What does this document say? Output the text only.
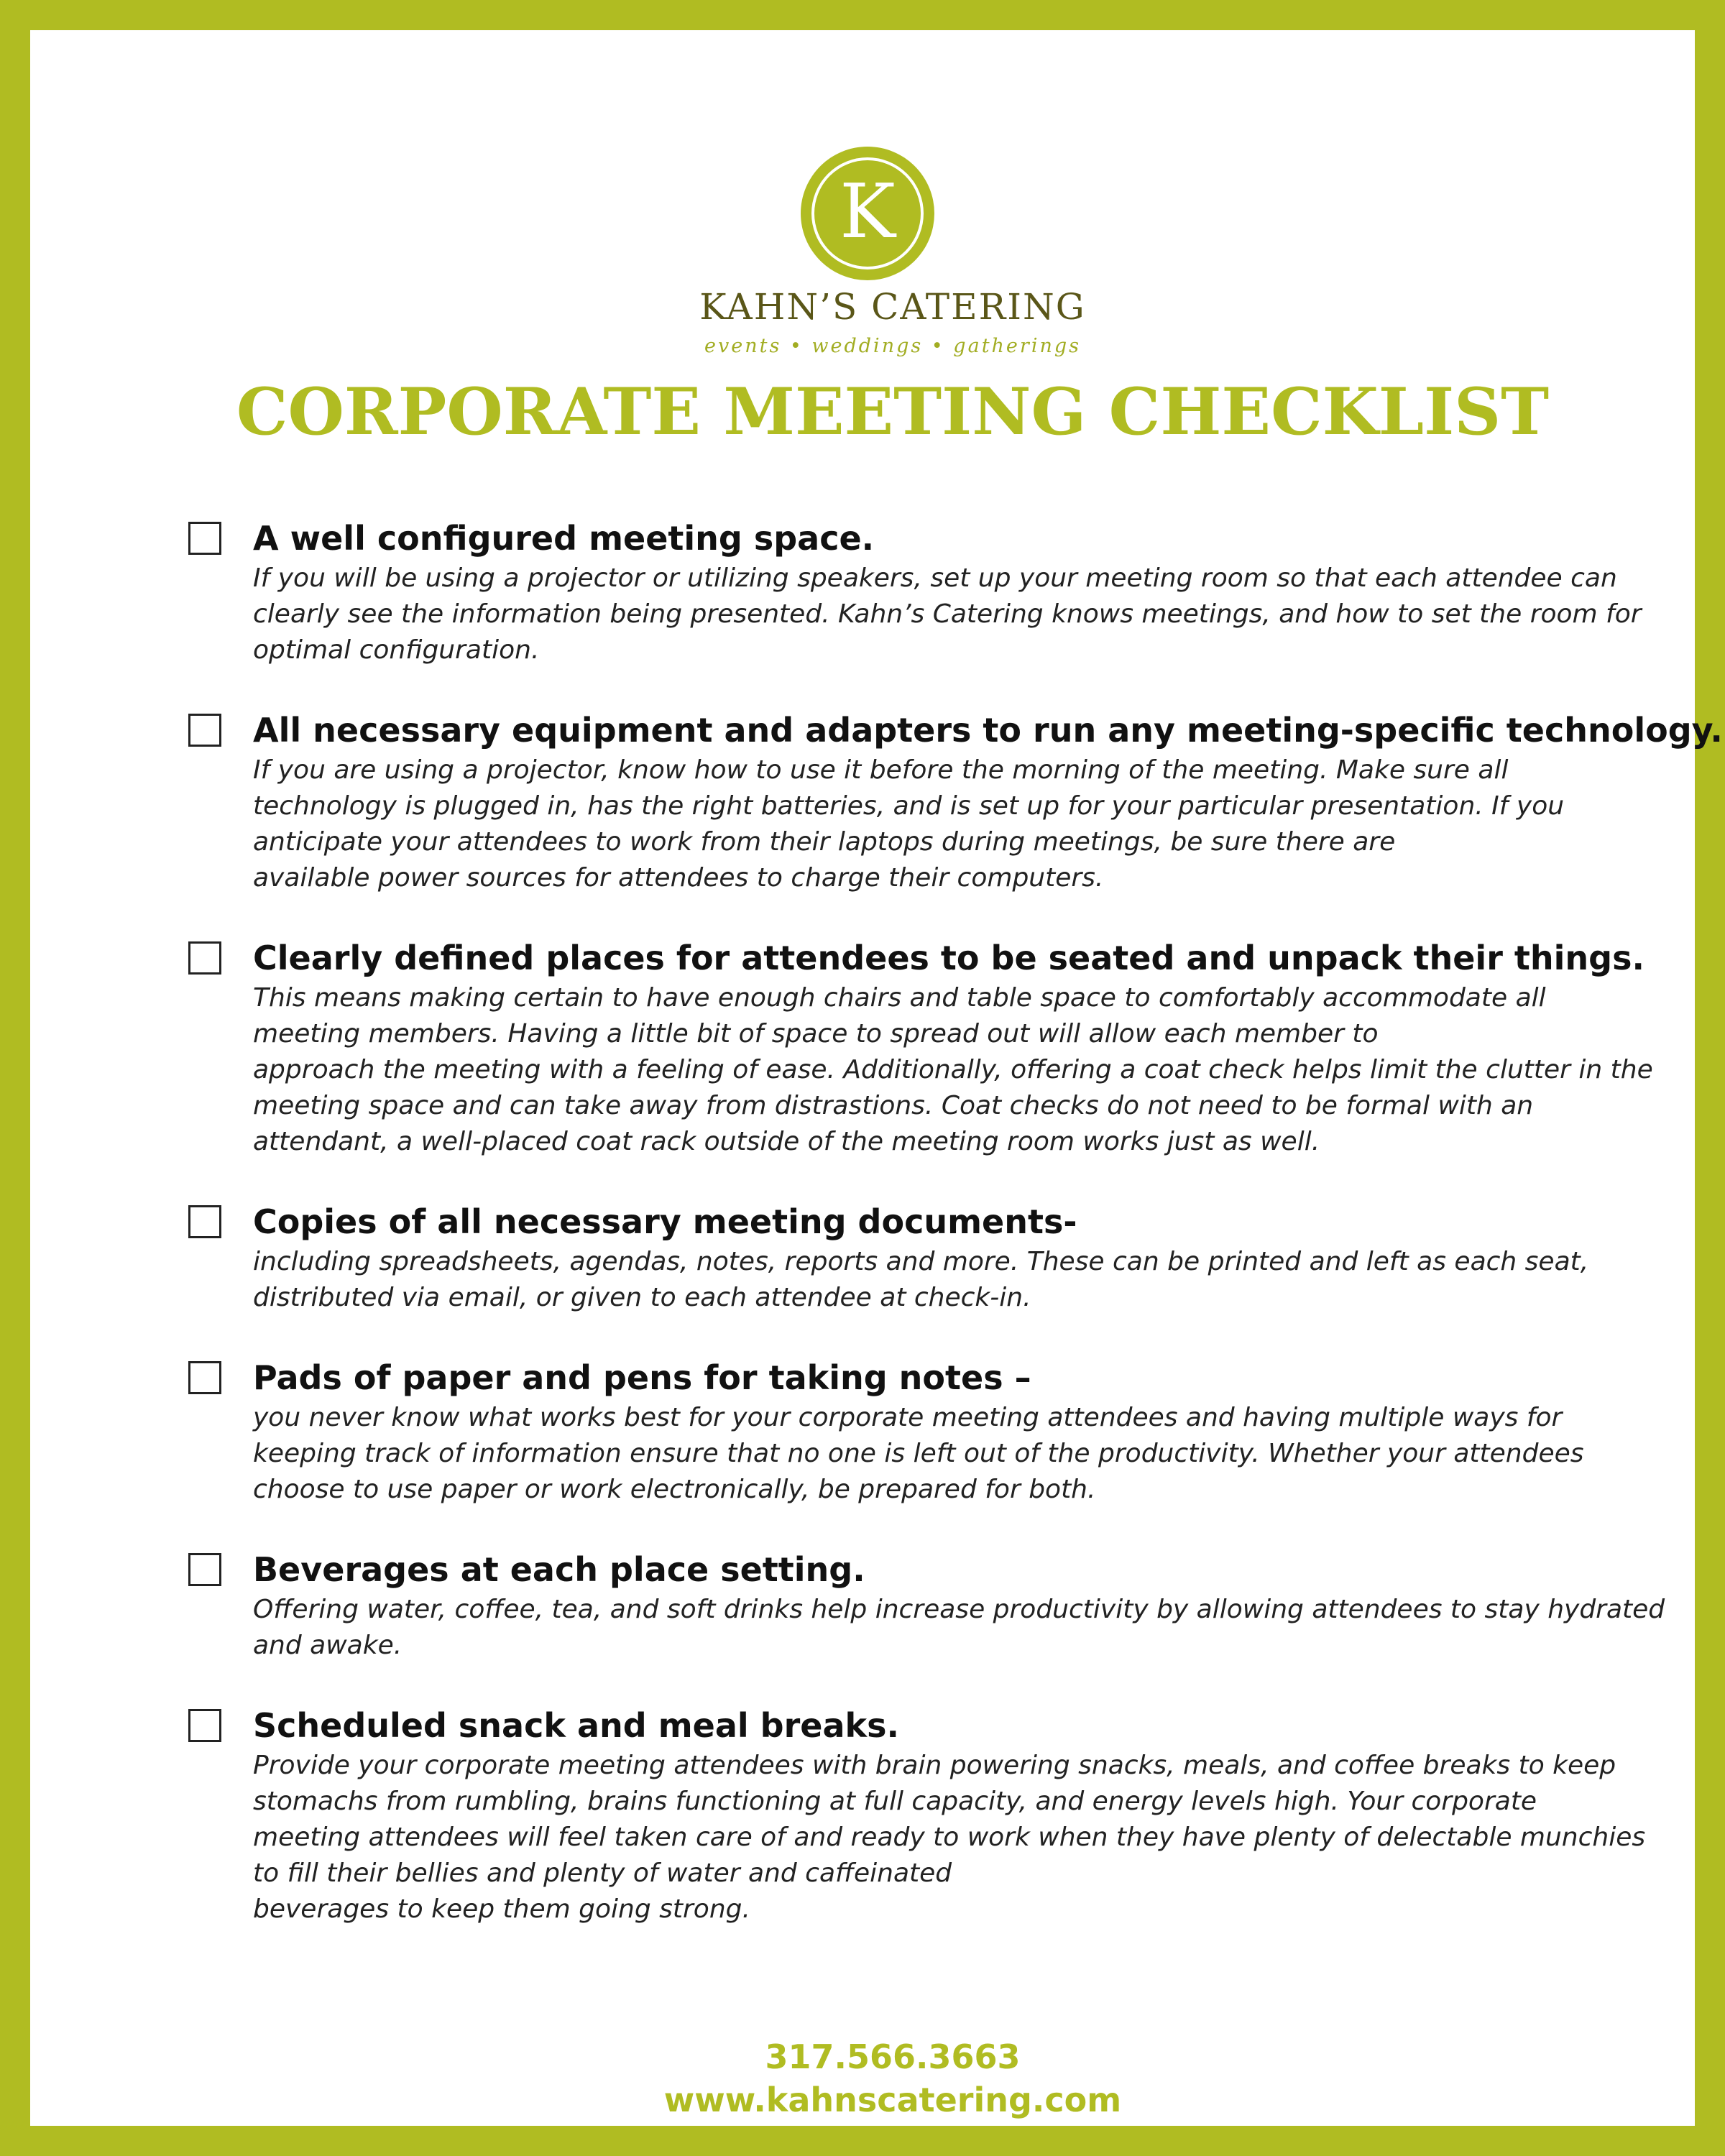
K
KAHN’S CATERING
events • weddings • gatherings
CORPORATE MEETING CHECKLIST
A well configured meeting space.
If you will be using a projector or utilizing speakers, set up your meeting room so that each attendee can
clearly see the information being presented. Kahn’s Catering knows meetings, and how to set the room for
optimal configuration.
All necessary equipment and adapters to run any meeting-specific technology.
If you are using a projector, know how to use it before the morning of the meeting. Make sure all
technology is plugged in, has the right batteries, and is set up for your particular presentation. If you
anticipate your attendees to work from their laptops during meetings, be sure there are
available power sources for attendees to charge their computers.
Clearly defined places for attendees to be seated and unpack their things.
This means making certain to have enough chairs and table space to comfortably accommodate all
meeting members. Having a little bit of space to spread out will allow each member to
approach the meeting with a feeling of ease. Additionally, offering a coat check helps limit the clutter in the
meeting space and can take away from distrastions. Coat checks do not need to be formal with an
attendant, a well-placed coat rack outside of the meeting room works just as well.
Copies of all necessary meeting documents-
including spreadsheets, agendas, notes, reports and more. These can be printed and left as each seat,
distributed via email, or given to each attendee at check-in.
Pads of paper and pens for taking notes –
you never know what works best for your corporate meeting attendees and having multiple ways for
keeping track of information ensure that no one is left out of the productivity. Whether your attendees
choose to use paper or work electronically, be prepared for both.
Beverages at each place setting.
Offering water, coffee, tea, and soft drinks help increase productivity by allowing attendees to stay hydrated
and awake.
Scheduled snack and meal breaks.
Provide your corporate meeting attendees with brain powering snacks, meals, and coffee breaks to keep
stomachs from rumbling, brains functioning at full capacity, and energy levels high. Your corporate
meeting attendees will feel taken care of and ready to work when they have plenty of delectable munchies
to fill their bellies and plenty of water and caffeinated
beverages to keep them going strong.
317.566.3663
www.kahnscatering.com
